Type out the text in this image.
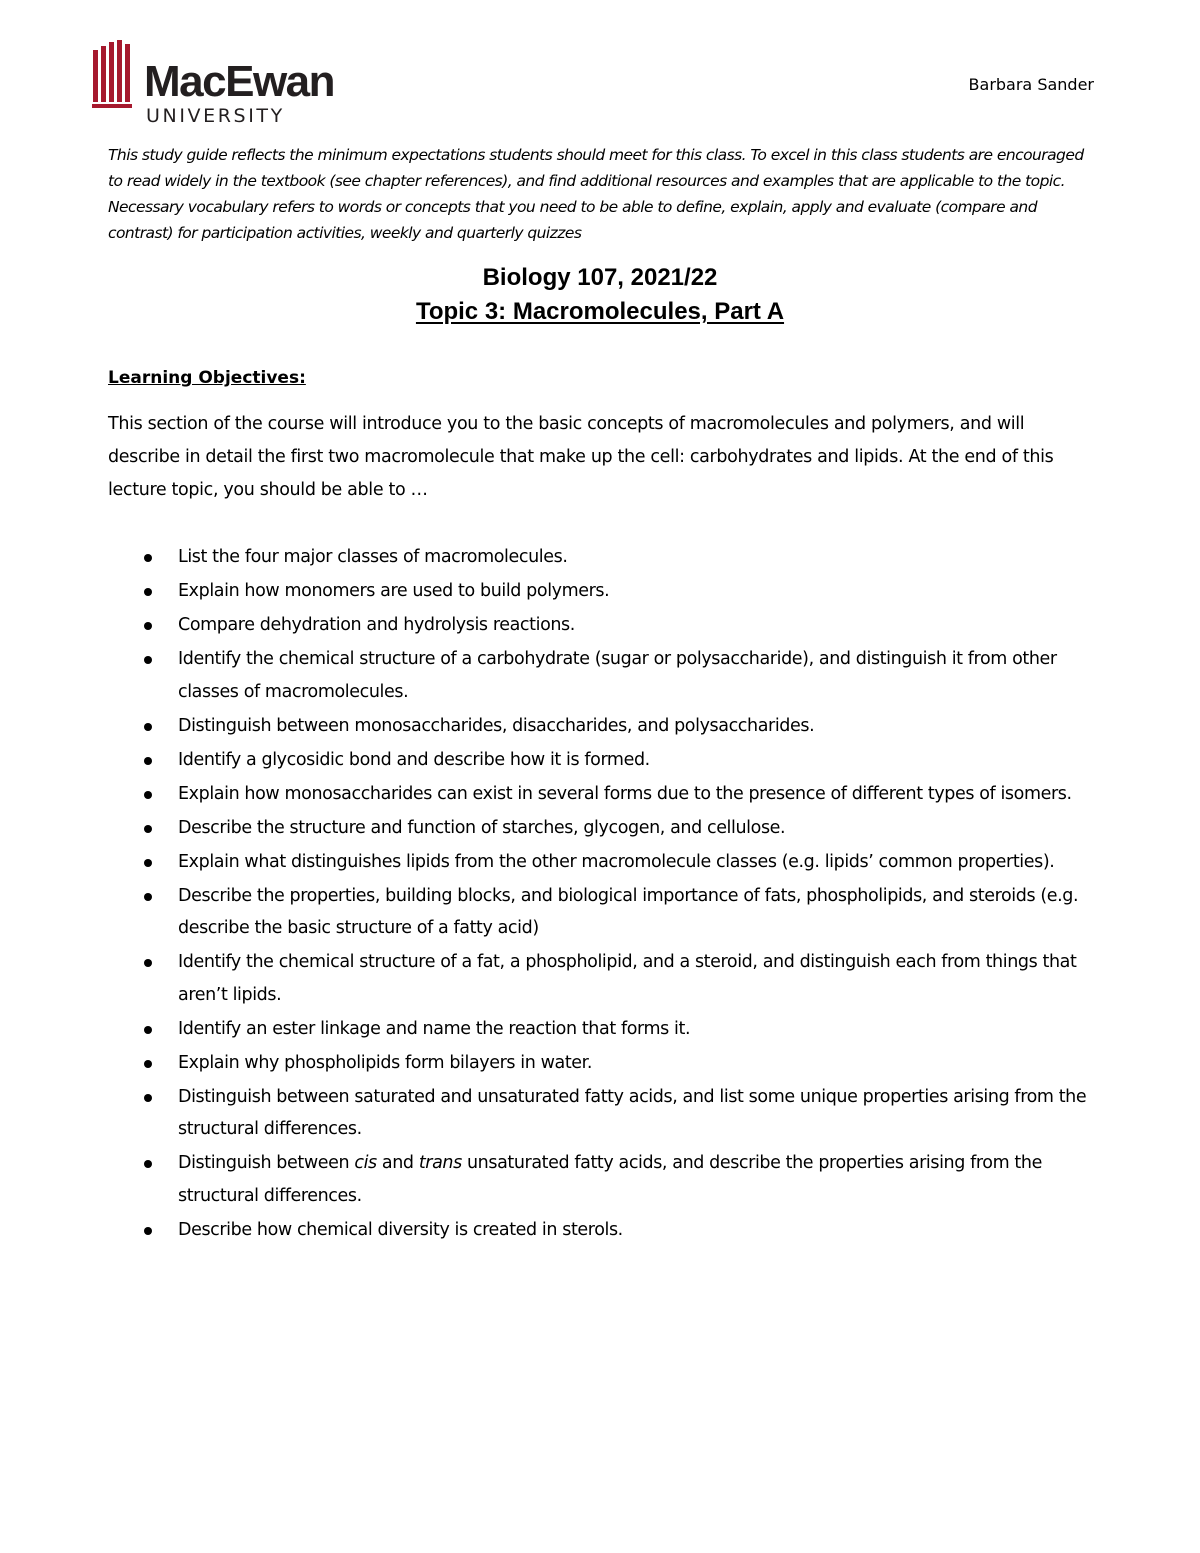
MacEwan
UNIVERSITY
Barbara Sander

This study guide reflects the minimum expectations students should meet for this class. To excel in this class students are encouraged to read widely in the textbook (see chapter references), and find additional resources and examples that are applicable to the topic. Necessary vocabulary refers to words or concepts that you need to be able to define, explain, apply and evaluate (compare and contrast) for participation activities, weekly and quarterly quizzes

Biology 107, 2021/22
Topic 3: Macromolecules, Part A
Learning Objectives:

This section of the course will introduce you to the basic concepts of macromolecules and polymers, and will describe in detail the first two macromolecule that make up the cell: carbohydrates and lipids. At the end of this lecture topic, you should be able to …

List the four major classes of macromolecules.
Explain how monomers are used to build polymers.
Compare dehydration and hydrolysis reactions.
Identify the chemical structure of a carbohydrate (sugar or polysaccharide), and distinguish it from other classes of macromolecules.
Distinguish between monosaccharides, disaccharides, and polysaccharides.
Identify a glycosidic bond and describe how it is formed.
Explain how monosaccharides can exist in several forms due to the presence of different types of isomers.
Describe the structure and function of starches, glycogen, and cellulose.
Explain what distinguishes lipids from the other macromolecule classes (e.g. lipids’ common properties).
Describe the properties, building blocks, and biological importance of fats, phospholipids, and steroids (e.g. describe the basic structure of a fatty acid)
Identify the chemical structure of a fat, a phospholipid, and a steroid, and distinguish each from things that aren’t lipids.
Identify an ester linkage and name the reaction that forms it.
Explain why phospholipids form bilayers in water.
Distinguish between saturated and unsaturated fatty acids, and list some unique properties arising from the structural differences.
Distinguish between cis and trans unsaturated fatty acids, and describe the properties arising from the structural differences.
Describe how chemical diversity is created in sterols.
